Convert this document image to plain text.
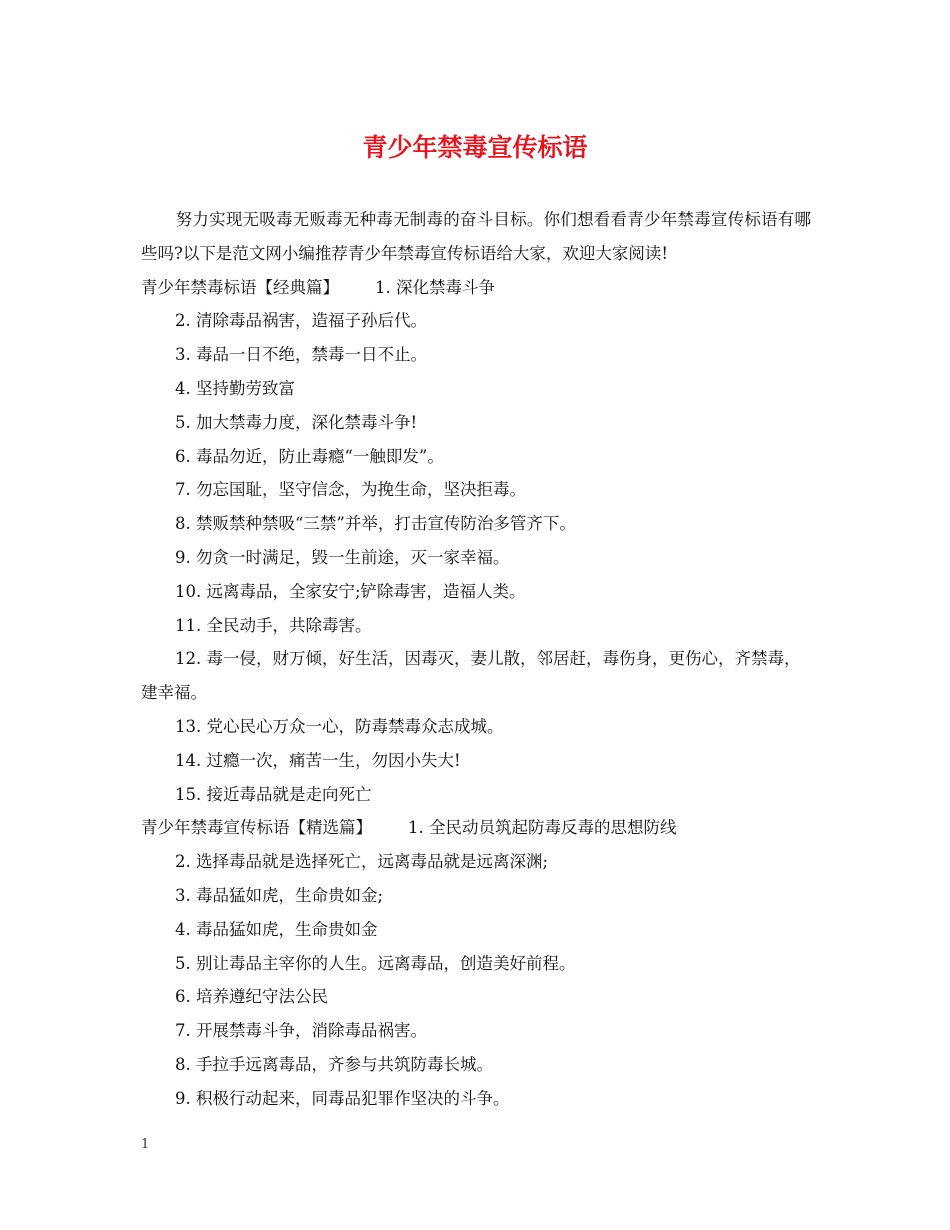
青少年禁毒宣传标语

努力实现无吸毒无贩毒无种毒无制毒的奋斗目标。你们想看看青少年禁毒宣传标语有哪些吗?以下是范文网小编推荐青少年禁毒宣传标语给大家，欢迎大家阅读!

青少年禁毒标语【经典篇】 1. 深化禁毒斗争

2. 清除毒品祸害，造福子孙后代。

3. 毒品一日不绝，禁毒一日不止。

4. 坚持勤劳致富

5. 加大禁毒力度，深化禁毒斗争!

6. 毒品勿近，防止毒瘾“一触即发”。

7. 勿忘国耻，坚守信念，为挽生命，坚决拒毒。

8. 禁贩禁种禁吸“三禁”并举，打击宣传防治多管齐下。

9. 勿贪一时满足，毁一生前途，灭一家幸福。

10. 远离毒品，全家安宁;铲除毒害，造福人类。

11. 全民动手，共除毒害。

12. 毒一侵，财万倾，好生活，因毒灭，妻儿散，邻居赶，毒伤身，更伤心，齐禁毒，建幸福。

13. 党心民心万众一心，防毒禁毒众志成城。

14. 过瘾一次，痛苦一生，勿因小失大!

15. 接近毒品就是走向死亡

青少年禁毒宣传标语【精选篇】 1. 全民动员筑起防毒反毒的思想防线

2. 选择毒品就是选择死亡，远离毒品就是远离深渊;

3. 毒品猛如虎，生命贵如金;

4. 毒品猛如虎，生命贵如金

5. 别让毒品主宰你的人生。远离毒品，创造美好前程。

6. 培养遵纪守法公民

7. 开展禁毒斗争，消除毒品祸害。

8. 手拉手远离毒品，齐参与共筑防毒长城。

9. 积极行动起来，同毒品犯罪作坚决的斗争。

1
